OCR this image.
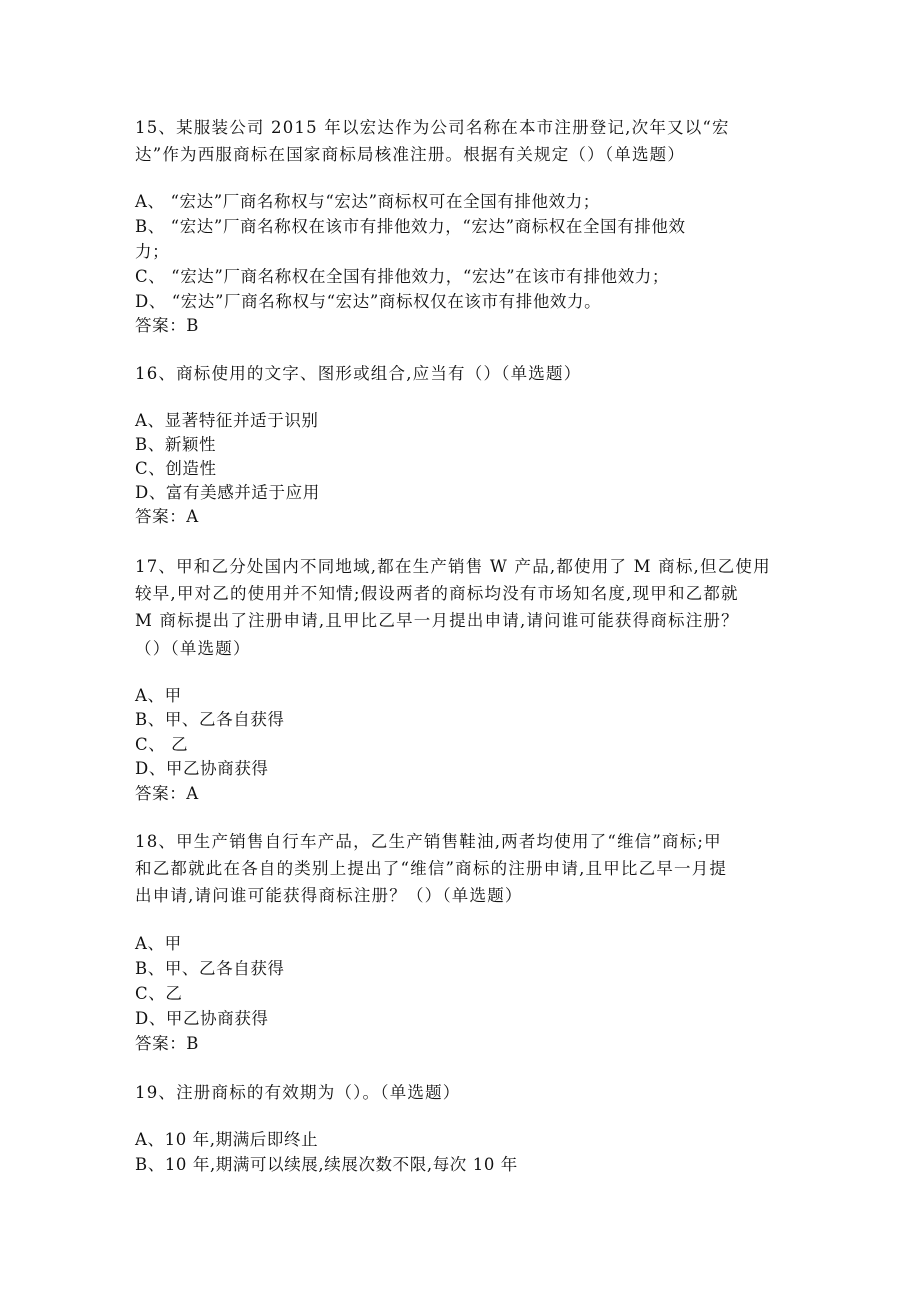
15、某服装公司 2015 年以宏达作为公司名称在本市注册登记,次年又以“宏
达”作为西服商标在国家商标局核准注册。根据有关规定（）（单选题）
A、 “宏达”厂商名称权与“宏达”商标权可在全国有排他效力；
B、 “宏达”厂商名称权在该市有排他效力，“宏达”商标权在全国有排他效
力；
C、 “宏达”厂商名称权在全国有排他效力，“宏达”在该市有排他效力；
D、 “宏达”厂商名称权与“宏达”商标权仅在该市有排他效力。
答案：B
16、商标使用的文字、图形或组合,应当有（）（单选题）
A、显著特征并适于识别
B、新颖性
C、创造性
D、富有美感并适于应用
答案：A
17、甲和乙分处国内不同地域,都在生产销售 W 产品,都使用了 M 商标,但乙使用
较早,甲对乙的使用并不知情;假设两者的商标均没有市场知名度,现甲和乙都就
M 商标提出了注册申请,且甲比乙早一月提出申请,请问谁可能获得商标注册？
（）（单选题）
A、甲
B、甲、乙各自获得
C、 乙
D、甲乙协商获得
答案：A
18、甲生产销售自行车产品，乙生产销售鞋油,两者均使用了“维信”商标;甲
和乙都就此在各自的类别上提出了“维信”商标的注册申请,且甲比乙早一月提
出申请,请问谁可能获得商标注册？（）（单选题）
A、甲
B、甲、乙各自获得
C、乙
D、甲乙协商获得
答案：B
19、注册商标的有效期为（）。（单选题）
A、10 年,期满后即终止
B、10 年,期满可以续展,续展次数不限,每次 10 年
